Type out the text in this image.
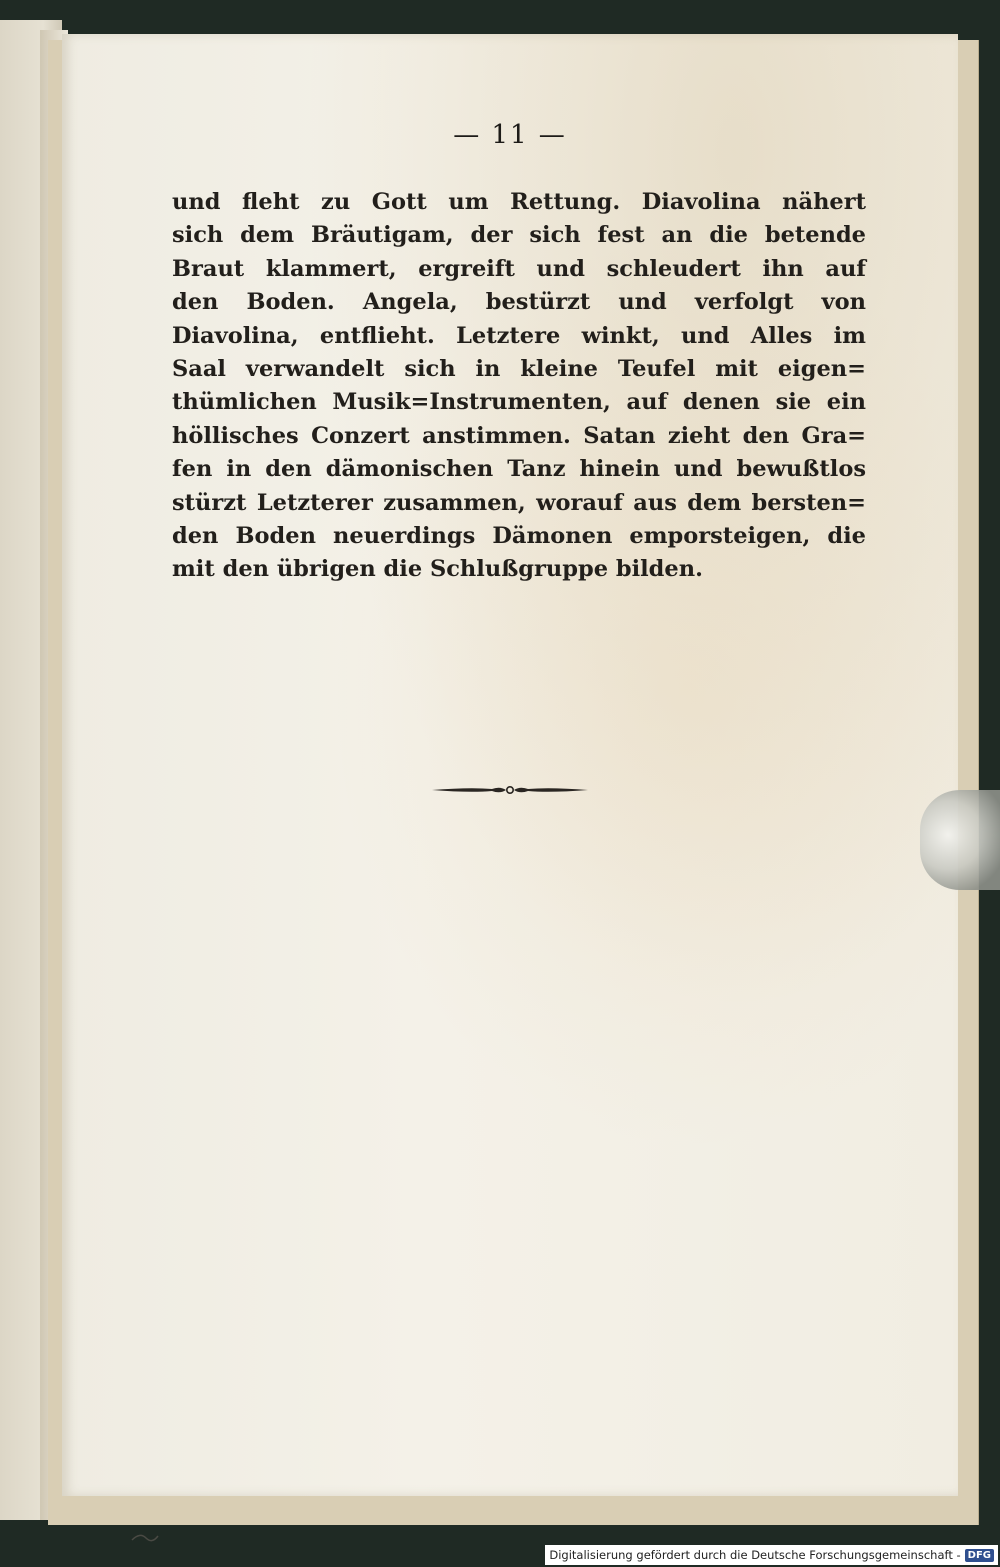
— 11 —
und fleht zu Gott um Rettung. Diavolina nähert
sich dem Bräutigam, der sich fest an die betende
Braut klammert, ergreift und schleudert ihn auf
den Boden. Angela, bestürzt und verfolgt von
Diavolina, entflieht. Letztere winkt, und Alles im
Saal verwandelt sich in kleine Teufel mit eigen=
thümlichen Musik=Instrumenten, auf denen sie ein
höllisches Conzert anstimmen. Satan zieht den Gra=
fen in den dämonischen Tanz hinein und bewußtlos
stürzt Letzterer zusammen, worauf aus dem bersten=
den Boden neuerdings Dämonen emporsteigen, die
mit den übrigen die Schlußgruppe bilden.
Digitalisierung gefördert durch die Deutsche Forschungsgemeinschaft - DFG
